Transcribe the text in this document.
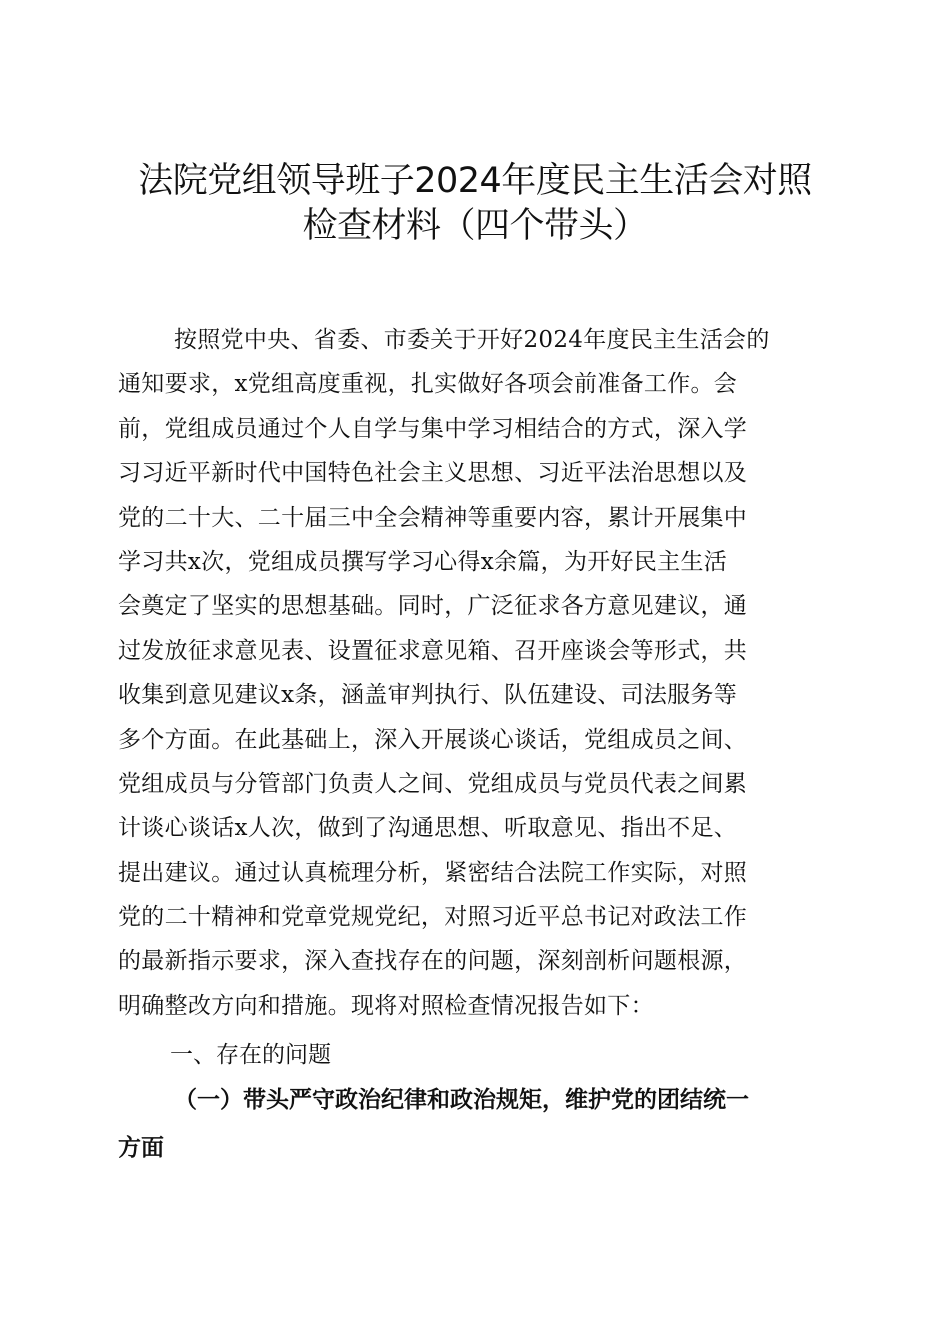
法院党组领导班子2024年度民主生活会对照
检查材料（四个带头）

按照党中央、省委、市委关于开好2024年度民主生活会的
通知要求，x党组高度重视，扎实做好各项会前准备工作。会
前，党组成员通过个人自学与集中学习相结合的方式，深入学
习习近平新时代中国特色社会主义思想、习近平法治思想以及
党的二十大、二十届三中全会精神等重要内容，累计开展集中
学习共x次，党组成员撰写学习心得x余篇，为开好民主生活
会奠定了坚实的思想基础。同时，广泛征求各方意见建议，通
过发放征求意见表、设置征求意见箱、召开座谈会等形式，共
收集到意见建议x条，涵盖审判执行、队伍建设、司法服务等
多个方面。在此基础上，深入开展谈心谈话，党组成员之间、
党组成员与分管部门负责人之间、党组成员与党员代表之间累
计谈心谈话x人次，做到了沟通思想、听取意见、指出不足、
提出建议。通过认真梳理分析，紧密结合法院工作实际，对照
党的二十精神和党章党规党纪，对照习近平总书记对政法工作
的最新指示要求，深入查找存在的问题，深刻剖析问题根源，
明确整改方向和措施。现将对照检查情况报告如下：

一、存在的问题
（一）带头严守政治纪律和政治规矩，维护党的团结统一
方面
